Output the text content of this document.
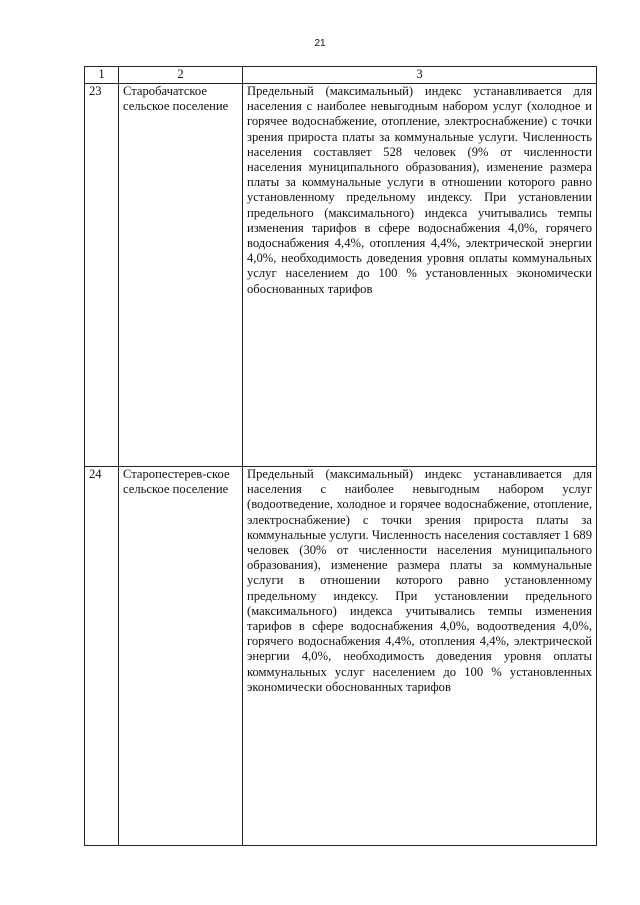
21
1	2	3
23	Старобачатское сельское поселение	Предельный (максимальный) индекс устанавливается для населения с наиболее невыгодным набором услуг (холодное и горячее водоснабжение, отопление, электроснабжение) с точки зрения прироста платы за коммунальные услуги. Численность населения составляет 528 человек (9% от численности населения муниципального образования), изменение размера платы за коммунальные услуги в отношении которого равно установленному предельному индексу. При установлении предельного (максимального) индекса учитывались темпы изменения тарифов в сфере водоснабжения 4,0%, горячего водоснабжения 4,4%, отопления 4,4%, электрической энергии 4,0%, необходимость доведения уровня оплаты коммунальных услуг населением до 100 % установленных экономически обоснованных тарифов
24	Старопестерев-ское сельское поселение	Предельный (максимальный) индекс устанавливается для населения с наиболее невыгодным набором услуг (водоотведение, холодное и горячее водоснабжение, отопление, электроснабжение) с точки зрения прироста платы за коммунальные услуги. Численность населения составляет 1 689 человек (30% от численности населения муниципального образования), изменение размера платы за коммунальные услуги в отношении которого равно установленному предельному индексу. При установлении предельного (максимального) индекса учитывались темпы изменения тарифов в сфере водоснабжения 4,0%, водоотведения 4,0%, горячего водоснабжения 4,4%, отопления 4,4%, электрической энергии 4,0%, необходимость доведения уровня оплаты коммунальных услуг населением до 100 % установленных экономически обоснованных тарифов
